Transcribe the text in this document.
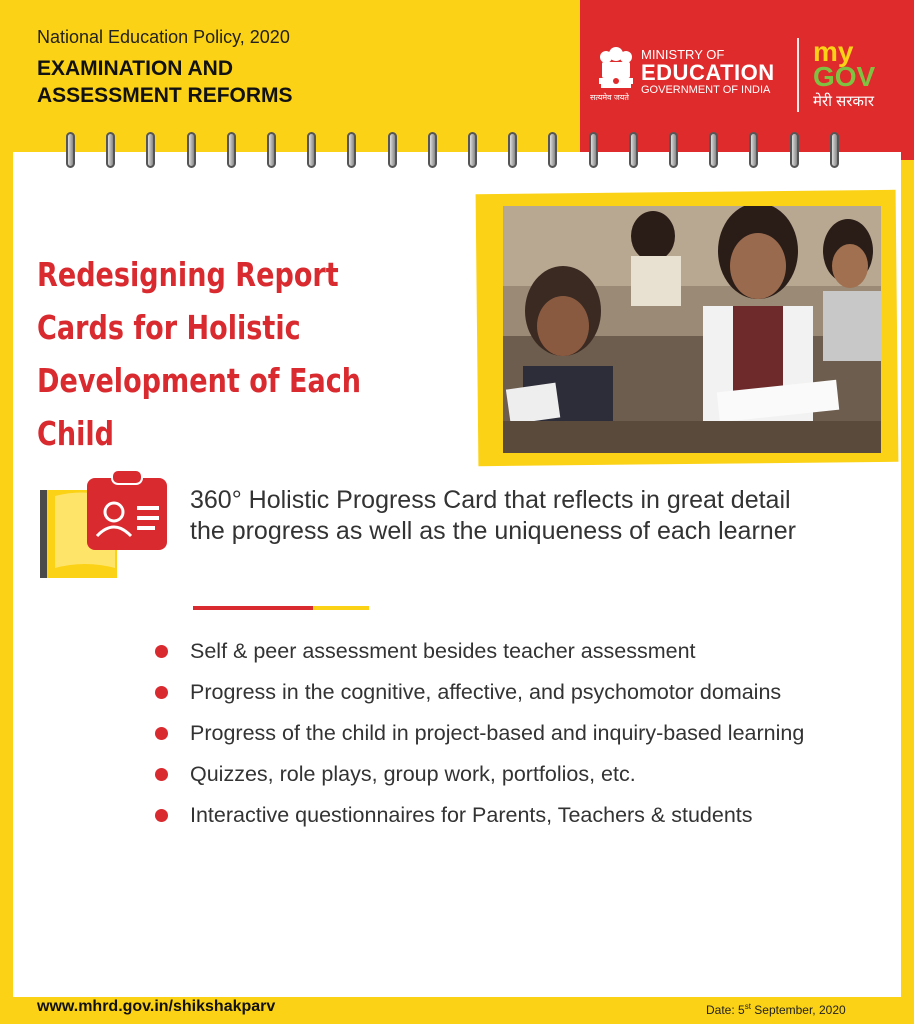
National Education Policy, 2020
EXAMINATION AND ASSESSMENT REFORMS	सत्यमेव जयते
MINISTRY OF
EDUCATION
GOVERNMENT OF INDIA
my
GOV
मेरी सरकार
Redesigning Report Cards for Holistic Development of Each Child
360° Holistic Progress Card that reflects in great detail the progress as well as the uniqueness of each learner
Self & peer assessment besides teacher assessment
Progress in the cognitive, affective, and psychomotor domains
Progress of the child in project-based and inquiry-based learning
Quizzes, role plays, group work, portfolios, etc.
Interactive questionnaires for Parents, Teachers & students
www.mhrd.gov.in/shikshakparv	Date: 5st September, 2020
